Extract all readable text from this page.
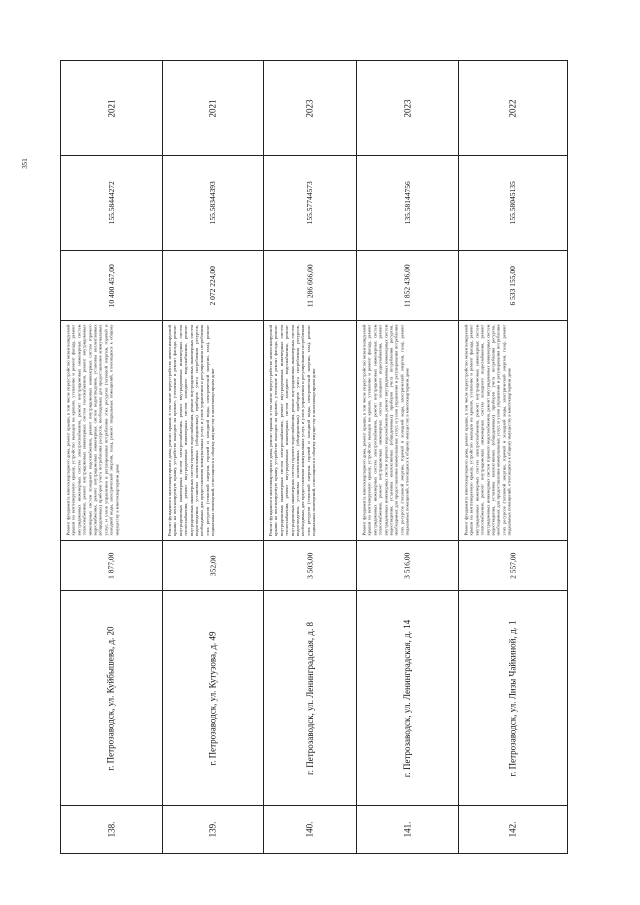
351
2021
155.58444272
10 400 457,00
Ремонт фундамента многоквартирного дома, ремонт крыши, в том числе переустройство невентилируемой крыши на вентилируемую крышу, устройство выходов на кровлю, утепление и ремонт фасада, ремонт внутридомовых инженерных систем электроснабжения, ремонт внутридомовых инженерных систем теплоснабжения, ремонт внутридомовых инженерных систем газоснабжения, ремонт внутридомовых инженерных систем холодного водоснабжения, ремонт внутридомовых инженерных систем горячего водоснабжения, ремонт внутридомовых инженерных систем водоотведения, установка коллективных (общедомовых) приборов учета потребления ресурсов, необходимых для предоставления коммунальных услуг, и узлов управления и регулирования потребления этих ресурсов (тепловой энергии, горячей и холодной воды, электрической энергии, газа), ремонт подвальных помещений, относящихся к общему имуществу в многоквартирном доме
1 877,00
г. Петрозаводск, ул. Куйбышева, д. 20
138.
2021
155.58344393
2 072 224,00
Ремонт фундамента многоквартирного дома, ремонт крыши, в том числе переустройство невентилируемой крыши на вентилируемую крышу, устройство выходов на кровлю, утепление и ремонт фасада, ремонт внутридомовых инженерных систем электроснабжения, ремонт внутридомовых инженерных систем теплоснабжения, ремонт внутридомовых инженерных систем холодного водоснабжения, ремонт внутридомовых инженерных систем горячего водоснабжения, ремонт внутридомовых инженерных систем водоотведения, установка коллективных (общедомовых) приборов учета потребления ресурсов, необходимых для предоставления коммунальных услуг, и узлов управления и регулирования потребления этих ресурсов (тепловой энергии, горячей и холодной воды, электрической энергии, газа), ремонт подвальных помещений, относящихся к общему имуществу в многоквартирном доме
352,00
г. Петрозаводск, ул. Кутузова, д. 49
139.
2023
155.57744573
11 286 666,00
Ремонт фундамента многоквартирного дома, ремонт крыши, в том числе переустройство невентилируемой крыши на вентилируемую крышу, устройство выходов на кровлю, утепление и ремонт фасада, ремонт внутридомовых инженерных систем электроснабжения, ремонт внутридомовых инженерных систем теплоснабжения, ремонт внутридомовых инженерных систем холодного водоснабжения, ремонт внутридомовых инженерных систем горячего водоснабжения, ремонт внутридомовых инженерных систем водоотведения, установка коллективных (общедомовых) приборов учета потребления ресурсов, необходимых для предоставления коммунальных услуг, и узлов управления и регулирования потребления этих ресурсов (тепловой энергии, горячей и холодной воды, электрической энергии, газа), ремонт подвальных помещений, относящихся к общему имуществу в многоквартирном доме
3 503,00
г. Петрозаводск, ул. Ленинградская, д. 8
140.
2023
135.58144756
11 852 436,00
Ремонт фундамента многоквартирного дома, ремонт крыши, в том числе переустройство невентилируемой крыши на вентилируемую крышу, устройство выходов на кровлю, утепление и ремонт фасада, ремонт внутридомовых инженерных систем электроснабжения, ремонт внутридомовых инженерных систем теплоснабжения, ремонт внутридомовых инженерных систем холодного водоснабжения, ремонт внутридомовых инженерных систем горячего водоснабжения, ремонт внутридомовых инженерных систем водоотведения, установка коллективных (общедомовых) приборов учета потребления ресурсов, необходимых для предоставления коммунальных услуг, и узлов управления и регулирования потребления этих ресурсов (тепловой энергии, горячей и холодной воды, электрической энергии, газа), ремонт подвальных помещений, относящихся к общему имуществу в многоквартирном доме
3 516,00
г. Петрозаводск, ул. Ленинградская, д. 14
141.
2022
155.58045135
6 533 155,00
Ремонт фундамента многоквартирного дома, ремонт крыши, в том числе переустройство невентилируемой крыши на вентилируемую крышу, устройство выходов на кровлю, утепление и ремонт фасада, ремонт внутридомовых инженерных систем электроснабжения, ремонт внутридомовых инженерных систем теплоснабжения, ремонт внутридомовых инженерных систем холодного водоснабжения, ремонт внутридомовых инженерных систем горячего водоснабжения, ремонт внутридомовых инженерных систем водоотведения, установка коллективных (общедомовых) приборов учета потребления ресурсов, необходимых для предоставления коммунальных услуг, и узлов управления и регулирования потребления этих ресурсов (тепловой энергии, горячей и холодной воды, электрической энергии, газа), ремонт подвальных помещений, относящихся к общему имуществу в многоквартирном доме
2 557,00
г. Петрозаводск, ул. Лизы Чайкиной, д. 1
142.
